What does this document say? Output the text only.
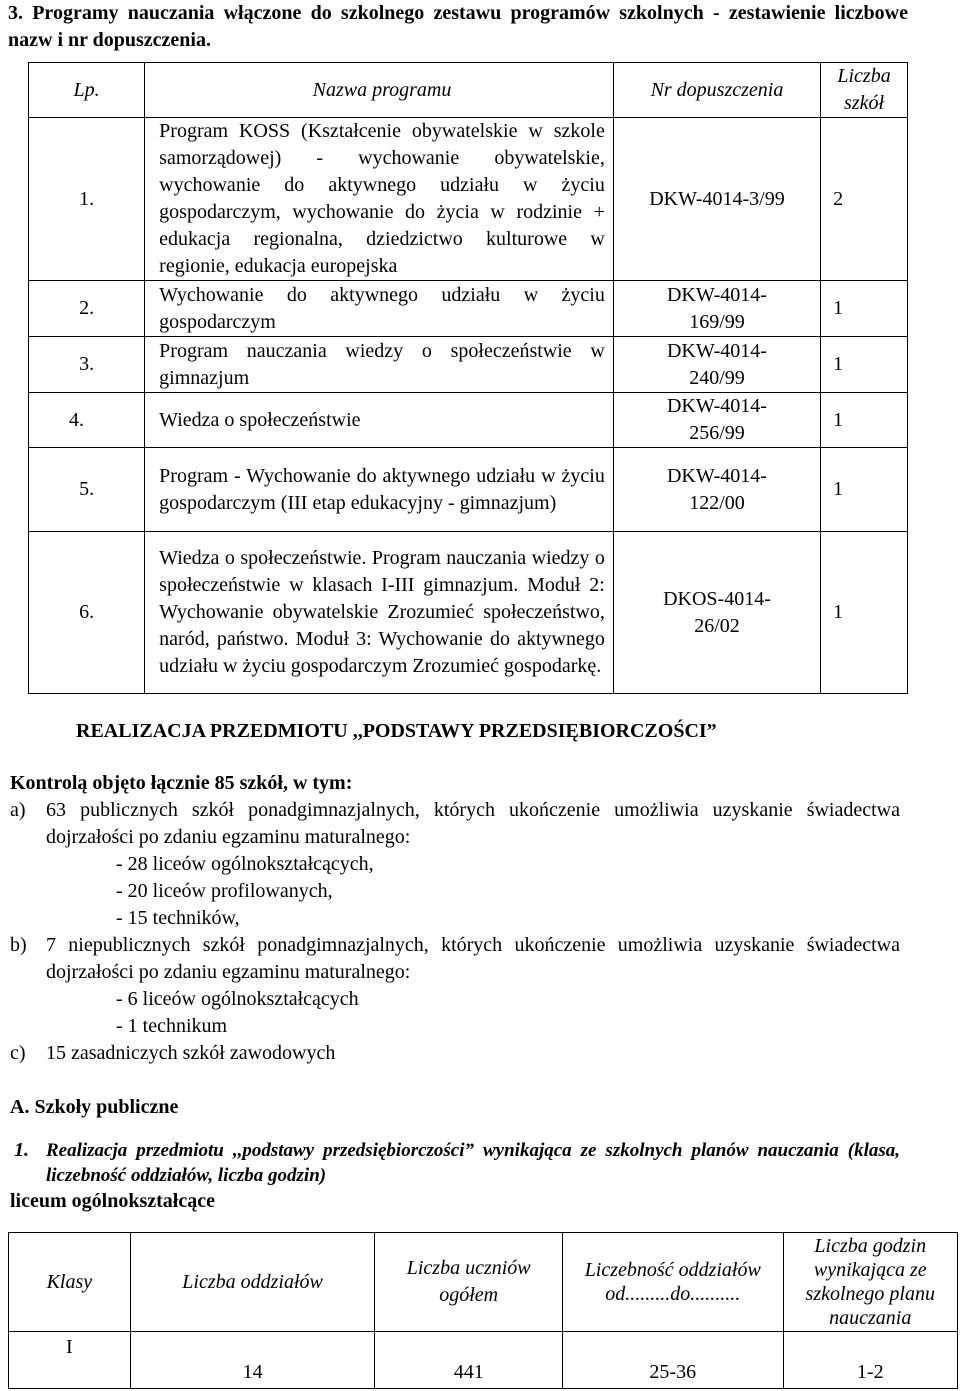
3. Programy nauczania włączone do szkolnego zestawu programów szkolnych - zestawienie liczbowe nazw i nr dopuszczenia.
Lp.	Nazwa programu	Nr dopuszczenia	Liczba szkół
1.	Program KOSS (Kształcenie obywatelskie w szkole samorządowej) - wychowanie obywatelskie, wychowanie do aktywnego udziału w życiu gospodarczym, wychowanie do życia w rodzinie + edukacja regionalna, dziedzictwo kulturowe w regionie, edukacja europejska	DKW-4014-3/99	2
2.	Wychowanie do aktywnego udziału w życiu gospodarczym	DKW-4014-169/99	1
3.	Program nauczania wiedzy o społeczeństwie w gimnazjum	DKW-4014-240/99	1
4.	Wiedza o społeczeństwie	DKW-4014-256/99	1
5.	Program - Wychowanie do aktywnego udziału w życiu gospodarczym (III etap edukacyjny - gimnazjum)	DKW-4014-122/00	1
6.	Wiedza o społeczeństwie. Program nauczania wiedzy o społeczeństwie w klasach I-III gimnazjum. Moduł 2: Wychowanie obywatelskie Zrozumieć społeczeństwo, naród, państwo. Moduł 3: Wychowanie do aktywnego udziału w życiu gospodarczym Zrozumieć gospodarkę.	DKOS-4014-26/02	1
REALIZACJA PRZEDMIOTU ,,PODSTAWY PRZEDSIĘBIORCZOŚCI”
Kontrolą objęto łącznie 85 szkół, w tym:
a)	63 publicznych szkół ponadgimnazjalnych, których ukończenie umożliwia uzyskanie świadectwa dojrzałości po zdaniu egzaminu maturalnego:
- 28 liceów ogólnokształcących,
- 20 liceów profilowanych,
- 15 techników,
b) 7 niepublicznych szkół ponadgimnazjalnych, których ukończenie umożliwia uzyskanie świadectwa dojrzałości po zdaniu egzaminu maturalnego:
- 6 liceów ogólnokształcących
- 1 technikum
c)	15 zasadniczych szkół zawodowych
A. Szkoły publiczne
1. Realizacja przedmiotu ,,podstawy przedsiębiorczości” wynikająca ze szkolnych planów nauczania (klasa, liczebność oddziałów, liczba godzin)
liceum ogólnokształcące
Klasy	Liczba oddziałów	Liczba uczniów ogółem	Liczebność oddziałów od.........do..........	Liczba godzin wynikająca ze szkolnego planu nauczania
I	14	441	25-36	1-2
